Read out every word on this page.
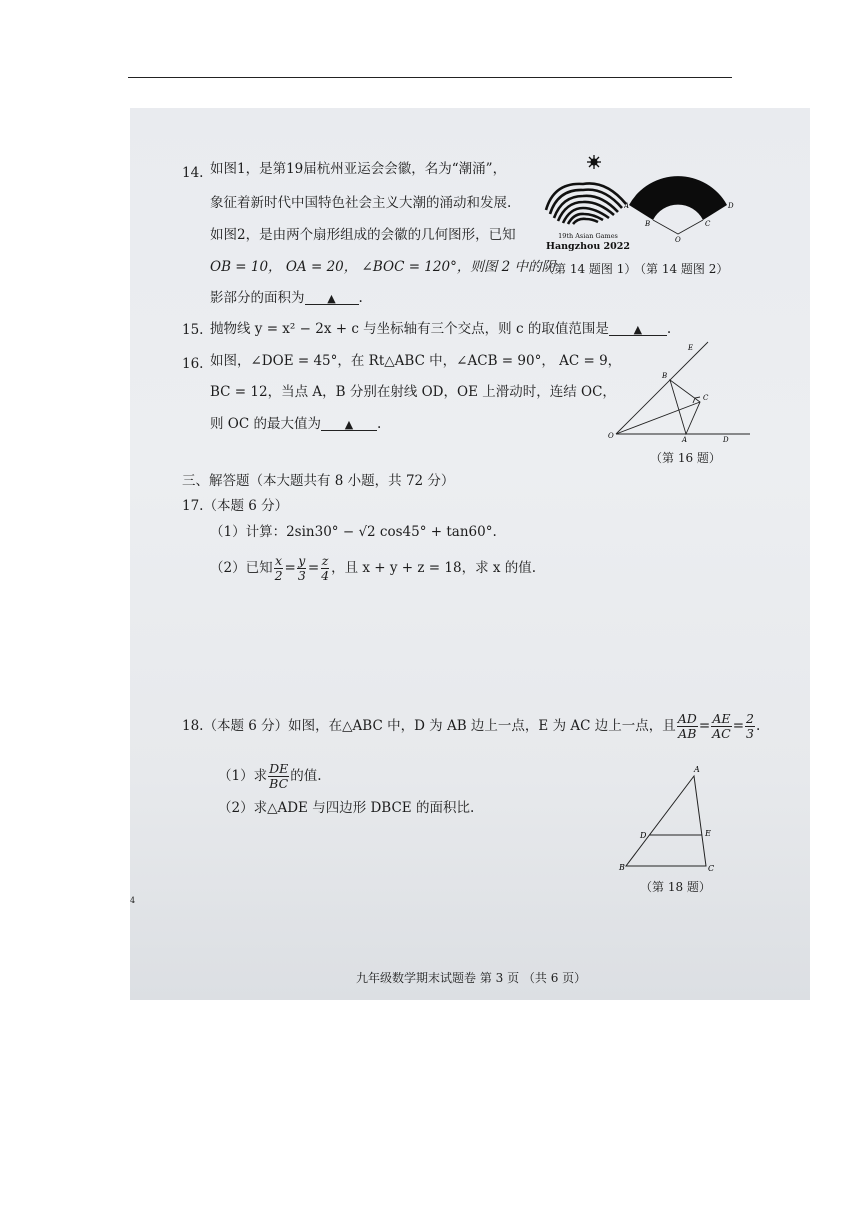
14. 如图1，是第19届杭州亚运会会徽，名为“潮涌”，
象征着新时代中国特色社会主义大潮的涌动和发展.
如图2，是由两个扇形组成的会徽的几何图形，已知
OB = 10， OA = 20， ∠BOC = 120°，则图 2 中的阴
影部分的面积为 ▲ .
19th Asian Games
Hangzhou 2022
（第 14 题图 1）
A
B
O
C
D
（第 14 题图 2）
15. 抛物线 y = x² − 2x + c 与坐标轴有三个交点，则 c 的取值范围是 ▲ .
16. 如图，∠DOE = 45°，在 Rt△ABC 中，∠ACB = 90°， AC = 9，
BC = 12，当点 A，B 分别在射线 OD，OE 上滑动时，连结 OC，
则 OC 的最大值为 ▲ .
E
B
C
O	A	D
（第 16 题）
三、解答题（本大题共有 8 小题，共 72 分）
17.（本题 6 分）
（1）计算：2sin30° − √2 cos45° + tan60°.
（2）已知 $\frac{x}{2} = \frac{y}{3} = \frac{z}{4}$ ，且 x + y + z = 18，求 x 的值.
18.（本题 6 分）如图，在△ABC 中，D 为 AB 边上一点，E 为 AC 边上一点，且 $\frac{AD}{AB} = \frac{AE}{AC} = \frac{2}{3}$ .
（1）求 $\frac{DE}{BC}$ 的值.
（2）求△ADE 与四边形 DBCE 的面积比.
A
D	E
B	C
（第 18 题）
4
九年级数学期末试题卷 第 3 页 （共 6 页）
